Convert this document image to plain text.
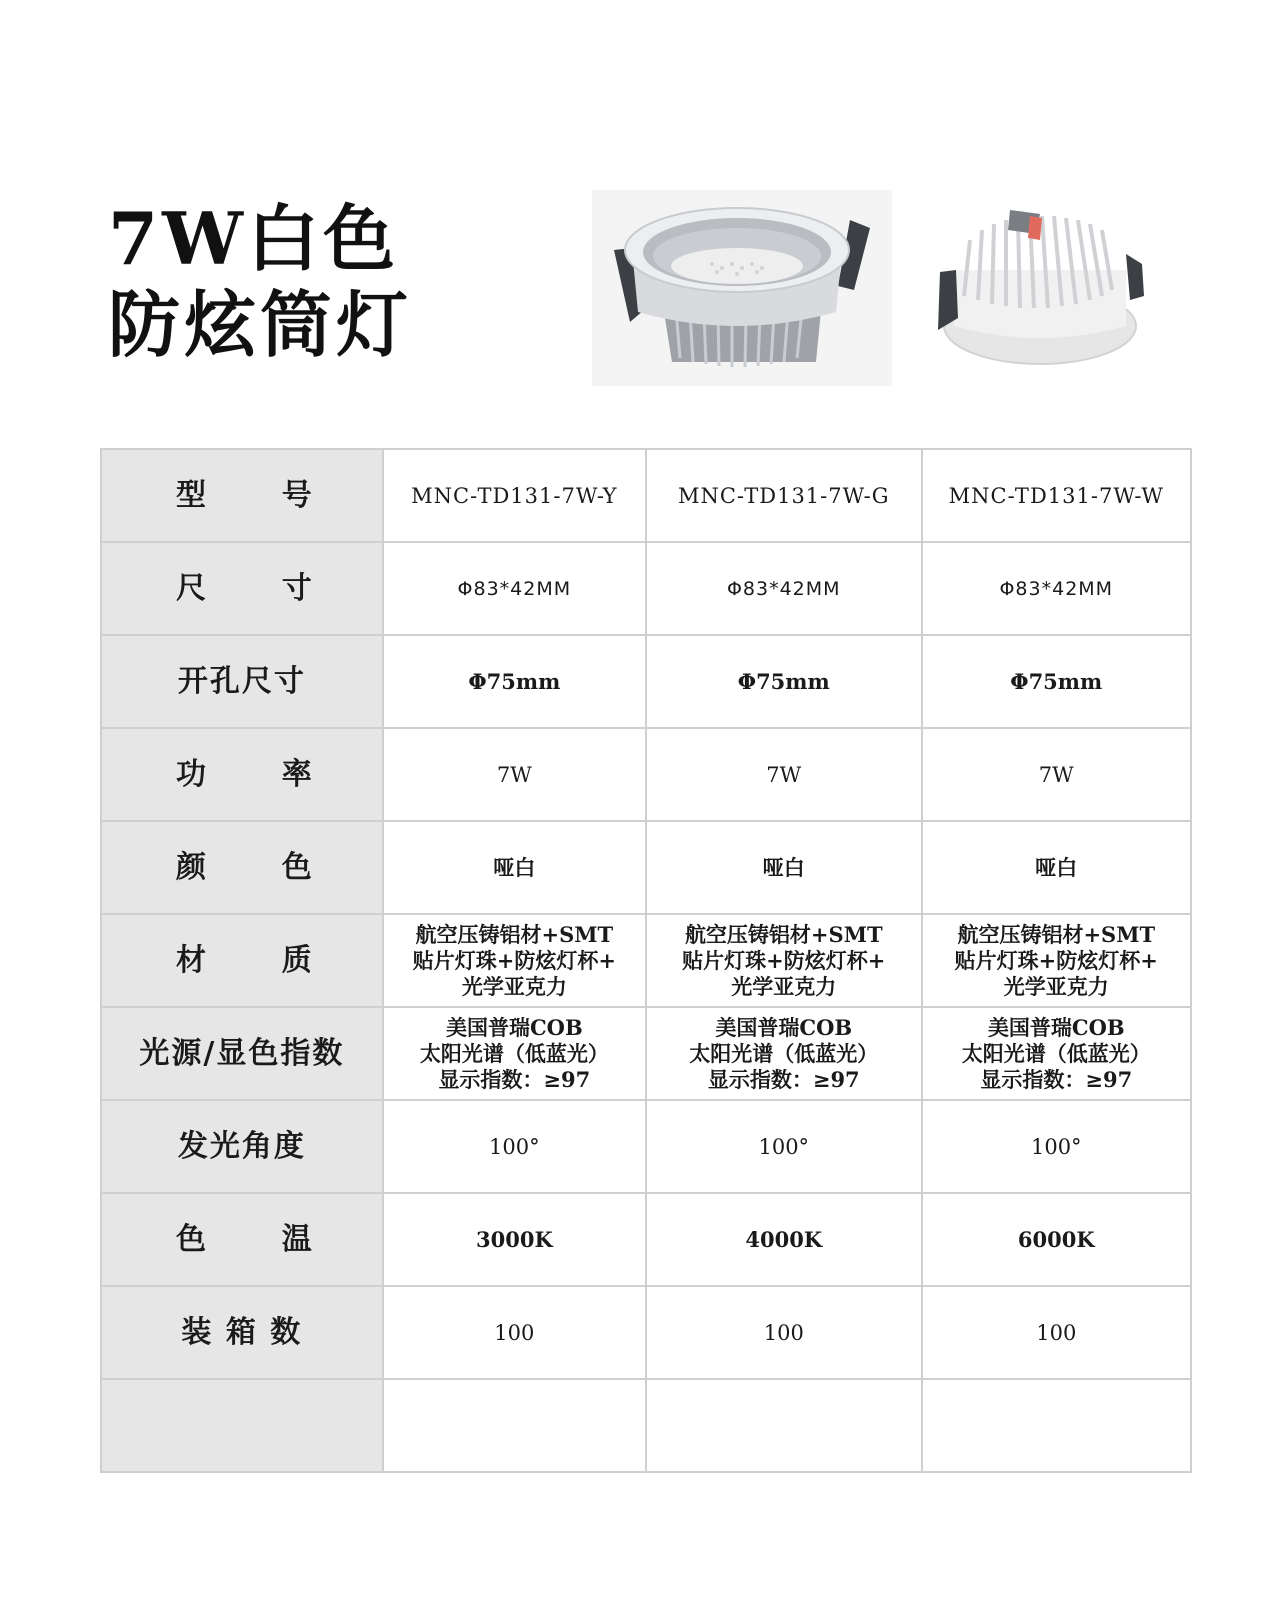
7W白色
防炫筒灯
型 号	MNC-TD131-7W-Y	MNC-TD131-7W-G	MNC-TD131-7W-W

尺 寸	Φ83*42MM	Φ83*42MM	Φ83*42MM
开孔尺寸	Φ75mm	Φ75mm	Φ75mm

功 率	7W	7W	7W

颜 色	哑白	哑白	哑白

材 质	航空压铸铝材+SMT
贴片灯珠+防炫灯杯+
光学亚克力	航空压铸铝材+SMT
贴片灯珠+防炫灯杯+
光学亚克力	航空压铸铝材+SMT
贴片灯珠+防炫灯杯+
光学亚克力
光源/显色指数	美国普瑞COB
太阳光谱（低蓝光）
显示指数：≥97	美国普瑞COB
太阳光谱（低蓝光）
显示指数：≥97	美国普瑞COB
太阳光谱（低蓝光）
显示指数：≥97
发光角度	100°	100°	100°

色 温	3000K	4000K	6000K
装 箱 数	100	100	100
